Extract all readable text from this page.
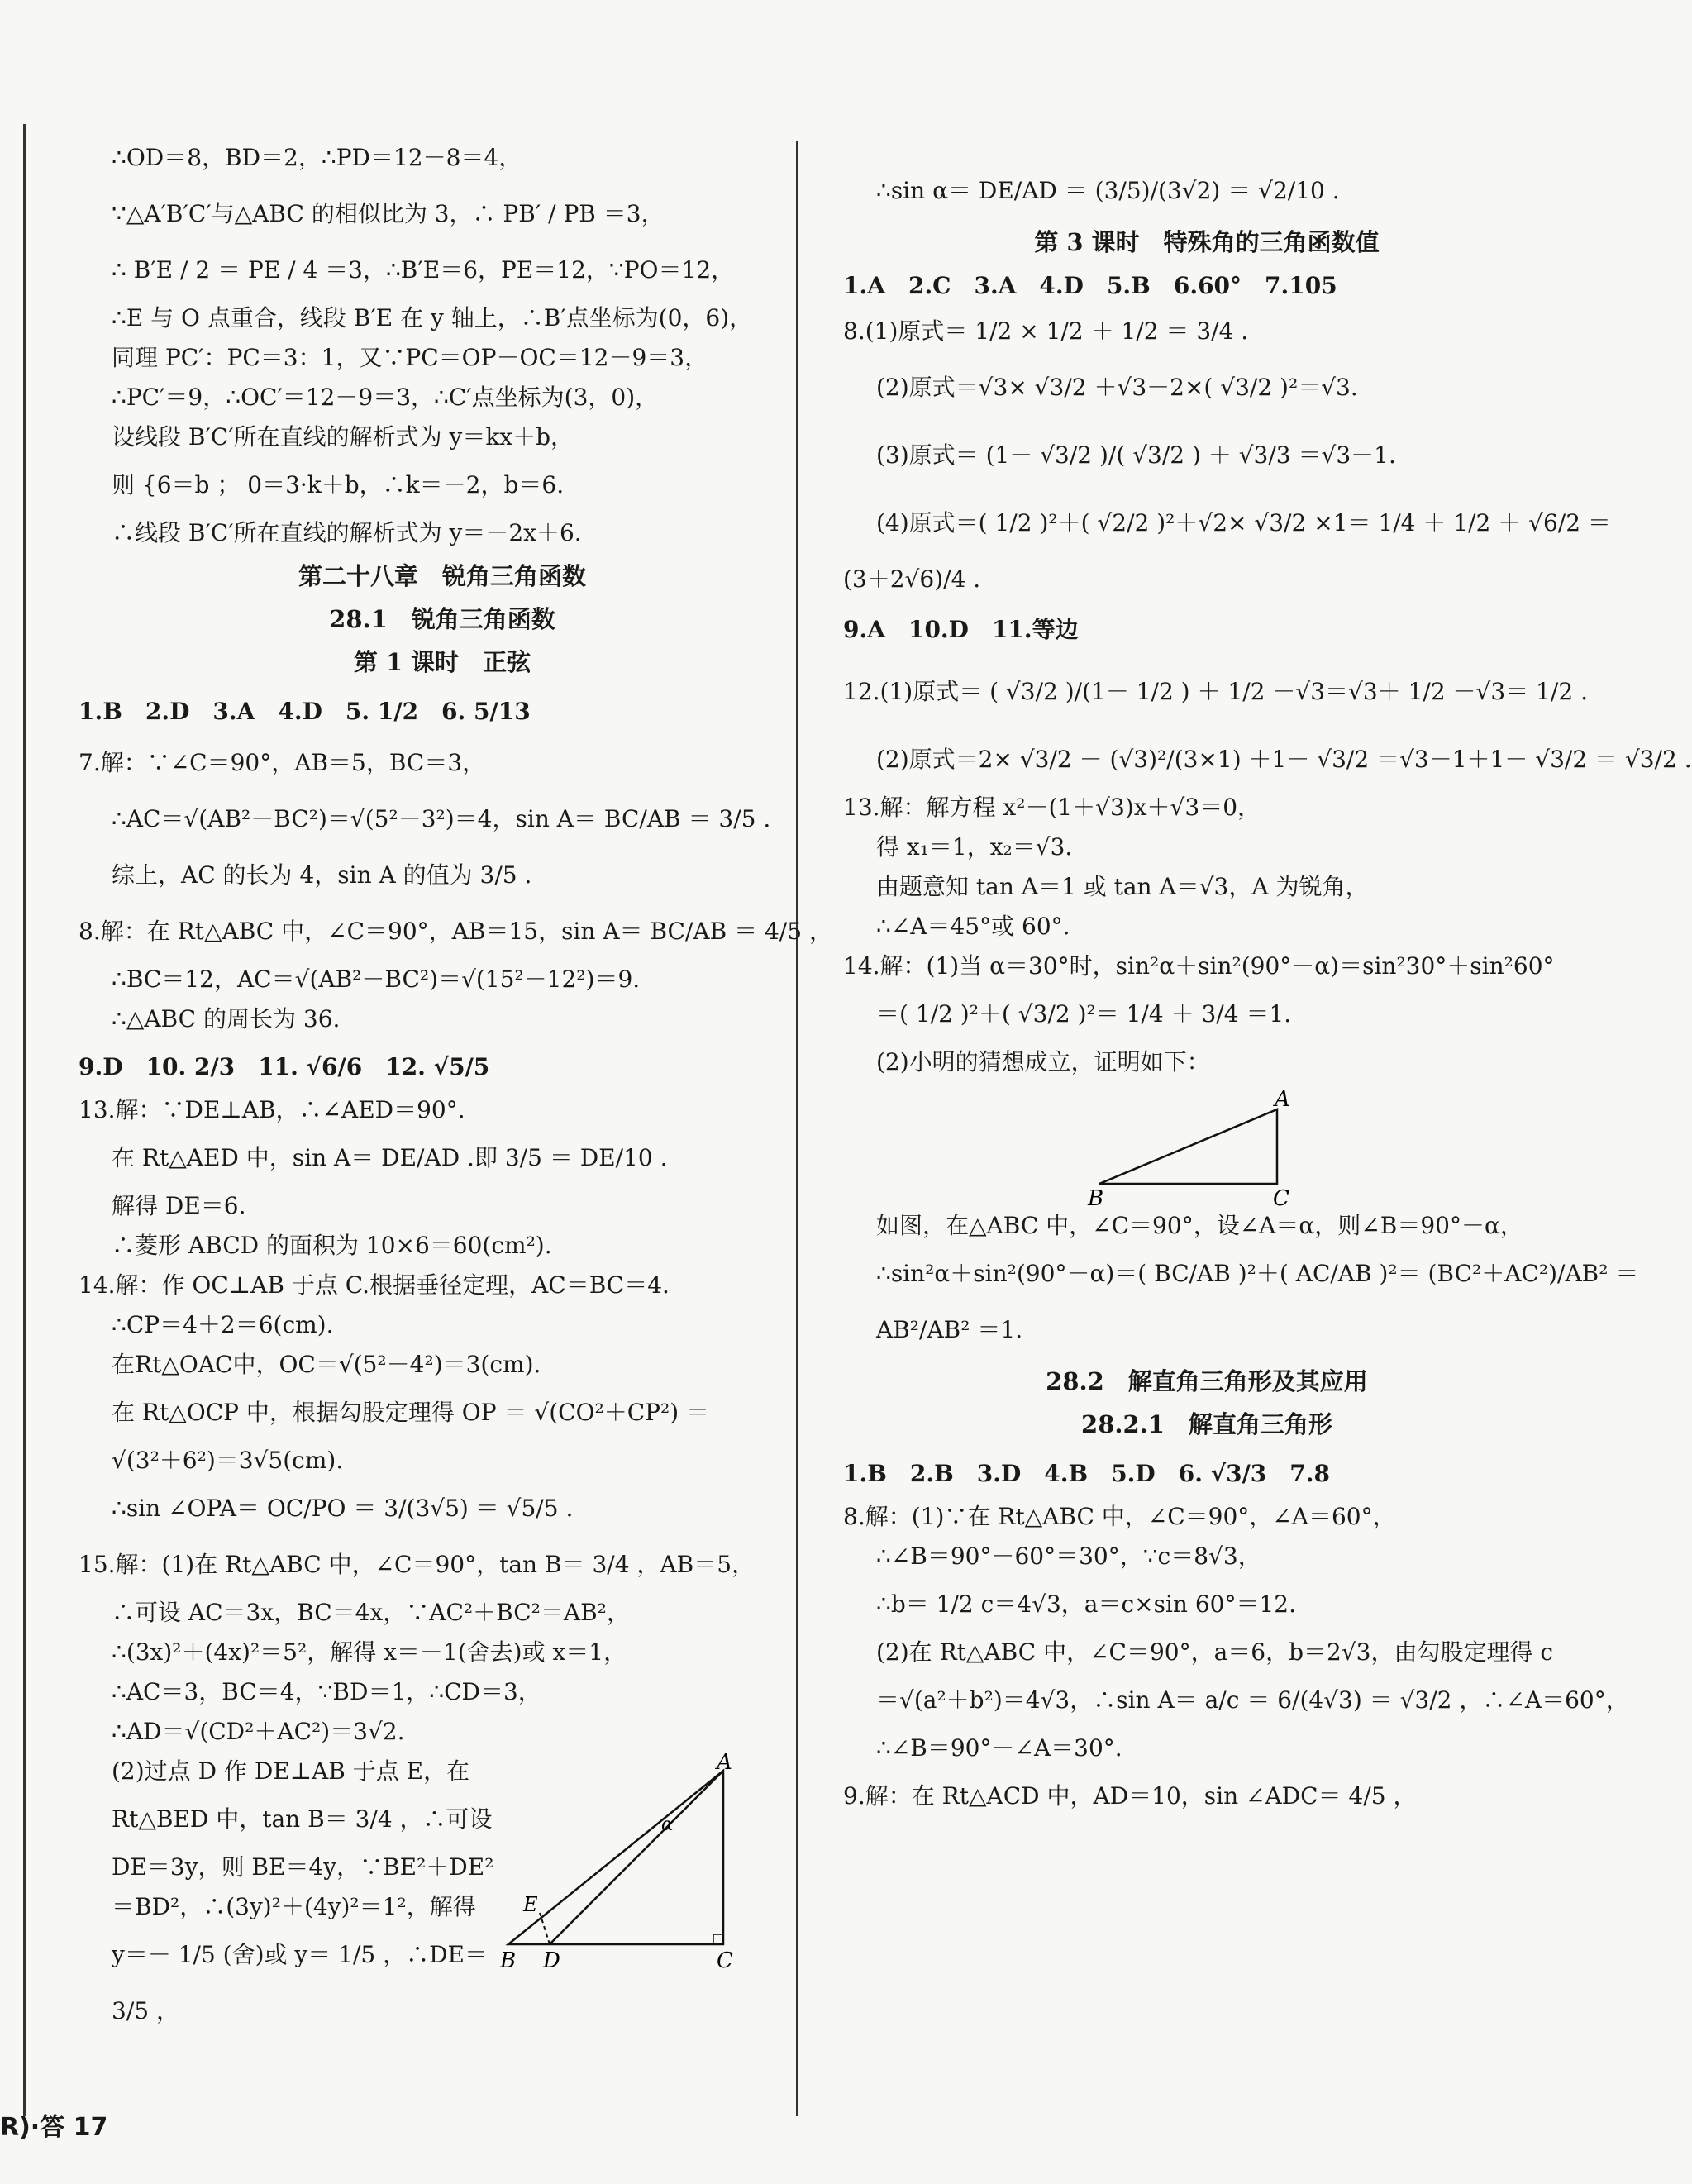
∴OD＝8，BD＝2，∴PD＝12－8＝4，
∵△A′B′C′与△ABC 的相似比为 3，∴ PB′ / PB ＝3，
∴ B′E / 2 ＝ PE / 4 ＝3，∴B′E＝6，PE＝12，∵PO＝12，
∴E 与 O 点重合，线段 B′E 在 y 轴上，∴B′点坐标为(0，6)，
同理 PC′：PC＝3：1，又∵PC＝OP－OC＝12－9＝3，
∴PC′＝9，∴OC′＝12－9＝3，∴C′点坐标为(3，0)，
设线段 B′C′所在直线的解析式为 y＝kx＋b，
则 {6＝b ； 0＝3·k＋b，∴k＝－2，b＝6.
∴线段 B′C′所在直线的解析式为 y＝－2x＋6.
第二十八章　锐角三角函数
28.1　锐角三角函数
第 1 课时　正弦
1.B　2.D　3.A　4.D　5. 1/2　6. 5/13
7.解：∵∠C＝90°，AB＝5，BC＝3，
∴AC＝√(AB²－BC²)＝√(5²－3²)＝4，sin A＝ BC/AB ＝ 3/5 .
综上，AC 的长为 4，sin A 的值为 3/5 .
8.解：在 Rt△ABC 中，∠C＝90°，AB＝15，sin A＝ BC/AB ＝ 4/5 ，
∴BC＝12，AC＝√(AB²－BC²)＝√(15²－12²)＝9.
∴△ABC 的周长为 36.
9.D　10. 2/3　11. √6/6　12. √5/5
13.解：∵DE⊥AB，∴∠AED＝90°.
在 Rt△AED 中，sin A＝ DE/AD .即 3/5 ＝ DE/10 .
解得 DE＝6.
∴菱形 ABCD 的面积为 10×6＝60(cm²).
14.解：作 OC⊥AB 于点 C.根据垂径定理，AC＝BC＝4.
∴CP＝4＋2＝6(cm).
在Rt△OAC中，OC＝√(5²－4²)＝3(cm).
在 Rt△OCP 中，根据勾股定理得 OP ＝ √(CO²＋CP²) ＝
√(3²＋6²)＝3√5(cm).
∴sin ∠OPA＝ OC/PO ＝ 3/(3√5) ＝ √5/5 .
15.解：(1)在 Rt△ABC 中，∠C＝90°，tan B＝ 3/4 ，AB＝5，
∴可设 AC＝3x，BC＝4x，∵AC²＋BC²＝AB²，
∴(3x)²＋(4x)²＝5²，解得 x＝－1(舍去)或 x＝1，
∴AC＝3，BC＝4，∵BD＝1，∴CD＝3，
∴AD＝√(CD²＋AC²)＝3√2.
(2)过点 D 作 DE⊥AB 于点 E，在
Rt△BED 中，tan B＝ 3/4 ，∴可设
DE＝3y，则 BE＝4y，∵BE²＋DE²
＝BD²，∴(3y)²＋(4y)²＝1²，解得
y＝－ 1/5 (舍)或 y＝ 1/5 ，∴DE＝
3/5 ，
A
α
E
B D	C
∴sin α＝ DE/AD ＝ (3/5)/(3√2) ＝ √2/10 .
第 3 课时　特殊角的三角函数值
1.A　2.C　3.A　4.D　5.B　6.60°　7.105
8.(1)原式＝ 1/2 × 1/2 ＋ 1/2 ＝ 3/4 .
(2)原式＝√3× √3/2 ＋√3－2×( √3/2 )²＝√3.
(3)原式＝ (1－ √3/2 )/( √3/2 ) ＋ √3/3 ＝√3－1.
(4)原式＝( 1/2 )²＋( √2/2 )²＋√2× √3/2 ×1＝ 1/4 ＋ 1/2 ＋ √6/2 ＝
(3＋2√6)/4 .
9.A　10.D　11.等边
12.(1)原式＝ ( √3/2 )/(1－ 1/2 ) ＋ 1/2 －√3＝√3＋ 1/2 －√3＝ 1/2 .
(2)原式＝2× √3/2 － (√3)²/(3×1) ＋1－ √3/2 ＝√3－1＋1－ √3/2 ＝ √3/2 .
13.解：解方程 x²－(1＋√3)x＋√3＝0，
得 x₁＝1，x₂＝√3.
由题意知 tan A＝1 或 tan A＝√3，A 为锐角，
∴∠A＝45°或 60°.
14.解：(1)当 α＝30°时，sin²α＋sin²(90°－α)＝sin²30°＋sin²60°
＝( 1/2 )²＋( √3/2 )²＝ 1/4 ＋ 3/4 ＝1.
(2)小明的猜想成立，证明如下：
A
B	C
如图，在△ABC 中，∠C＝90°，设∠A＝α，则∠B＝90°－α，
∴sin²α＋sin²(90°－α)＝( BC/AB )²＋( AC/AB )²＝ (BC²＋AC²)/AB² ＝
AB²/AB² ＝1.
28.2　解直角三角形及其应用
28.2.1　解直角三角形
1.B　2.B　3.D　4.B　5.D　6. √3/3　7.8
8.解：(1)∵在 Rt△ABC 中，∠C＝90°，∠A＝60°，
∴∠B＝90°－60°＝30°，∵c＝8√3，
∴b＝ 1/2 c＝4√3，a＝c×sin 60°＝12.
(2)在 Rt△ABC 中，∠C＝90°，a＝6，b＝2√3，由勾股定理得 c
＝√(a²＋b²)＝4√3，∴sin A＝ a/c ＝ 6/(4√3) ＝ √3/2 ，∴∠A＝60°，
∴∠B＝90°－∠A＝30°.
9.解：在 Rt△ACD 中，AD＝10，sin ∠ADC＝ 4/5 ，
R)·答 17
